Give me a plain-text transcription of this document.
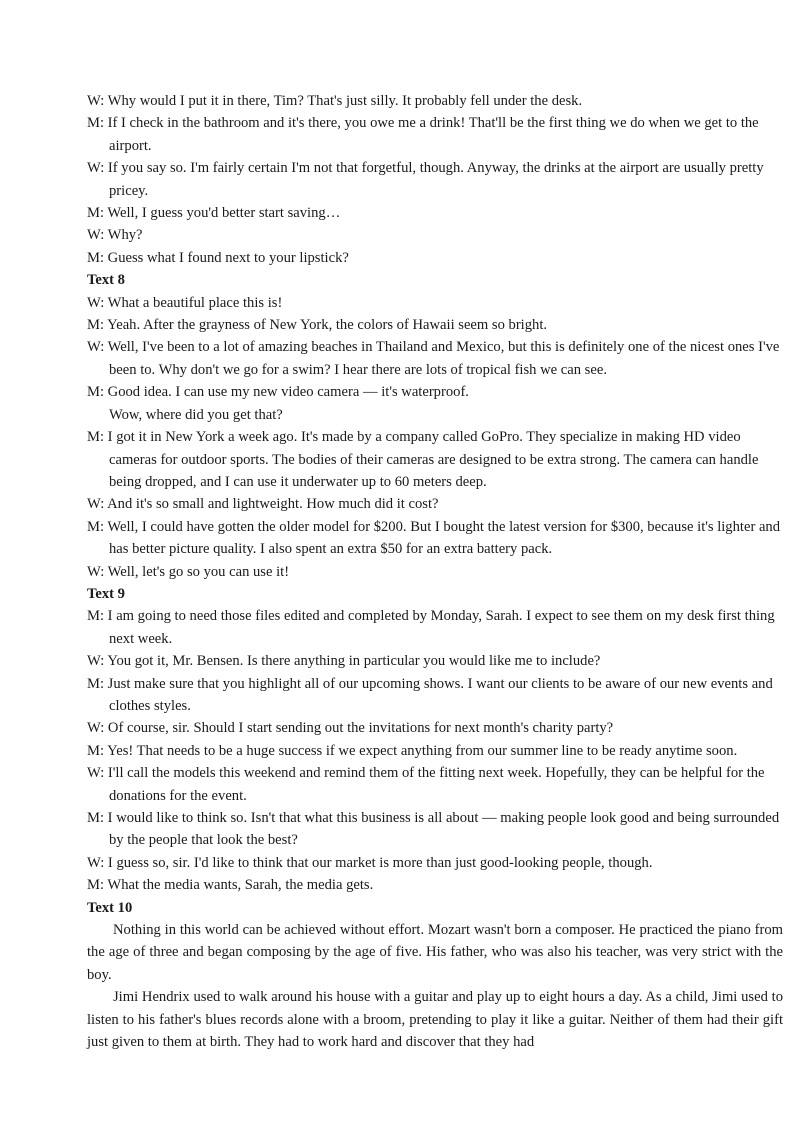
W: Why would I put it in there, Tim? That's just silly. It probably fell under the desk.

M: If I check in the bathroom and it's there, you owe me a drink! That'll be the first thing we do when we get to the airport.

W: If you say so. I'm fairly certain I'm not that forgetful, though. Anyway, the drinks at the airport are usually pretty pricey.

M: Well, I guess you'd better start saving…

W: Why?

M: Guess what I found next to your lipstick?

Text 8

W: What a beautiful place this is!

M: Yeah. After the grayness of New York, the colors of Hawaii seem so bright.

W: Well, I've been to a lot of amazing beaches in Thailand and Mexico, but this is definitely one of the nicest ones I've been to. Why don't we go for a swim? I hear there are lots of tropical fish we can see.

M: Good idea. I can use my new video camera — it's waterproof.

Wow, where did you get that?

M: I got it in New York a week ago. It's made by a company called GoPro. They specialize in making HD video cameras for outdoor sports. The bodies of their cameras are designed to be extra strong. The camera can handle being dropped, and I can use it underwater up to 60 meters deep.

W: And it's so small and lightweight. How much did it cost?

M: Well, I could have gotten the older model for $200. But I bought the latest version for $300, because it's lighter and has better picture quality. I also spent an extra $50 for an extra battery pack.

W: Well, let's go so you can use it!

Text 9

M: I am going to need those files edited and completed by Monday, Sarah. I expect to see them on my desk first thing next week.

W: You got it, Mr. Bensen. Is there anything in particular you would like me to include?

M: Just make sure that you highlight all of our upcoming shows. I want our clients to be aware of our new events and clothes styles.

W: Of course, sir. Should I start sending out the invitations for next month's charity party?

M: Yes! That needs to be a huge success if we expect anything from our summer line to be ready anytime soon.

W: I'll call the models this weekend and remind them of the fitting next week. Hopefully, they can be helpful for the donations for the event.

M: I would like to think so. Isn't that what this business is all about — making people look good and being surrounded by the people that look the best?

W: I guess so, sir. I'd like to think that our market is more than just good-looking people, though.

M: What the media wants, Sarah, the media gets.

Text 10

Nothing in this world can be achieved without effort. Mozart wasn't born a composer. He practiced the piano from the age of three and began composing by the age of five. His father, who was also his teacher, was very strict with the boy.

Jimi Hendrix used to walk around his house with a guitar and play up to eight hours a day. As a child, Jimi used to listen to his father's blues records alone with a broom, pretending to play it like a guitar. Neither of them had their gift just given to them at birth. They had to work hard and discover that they had
